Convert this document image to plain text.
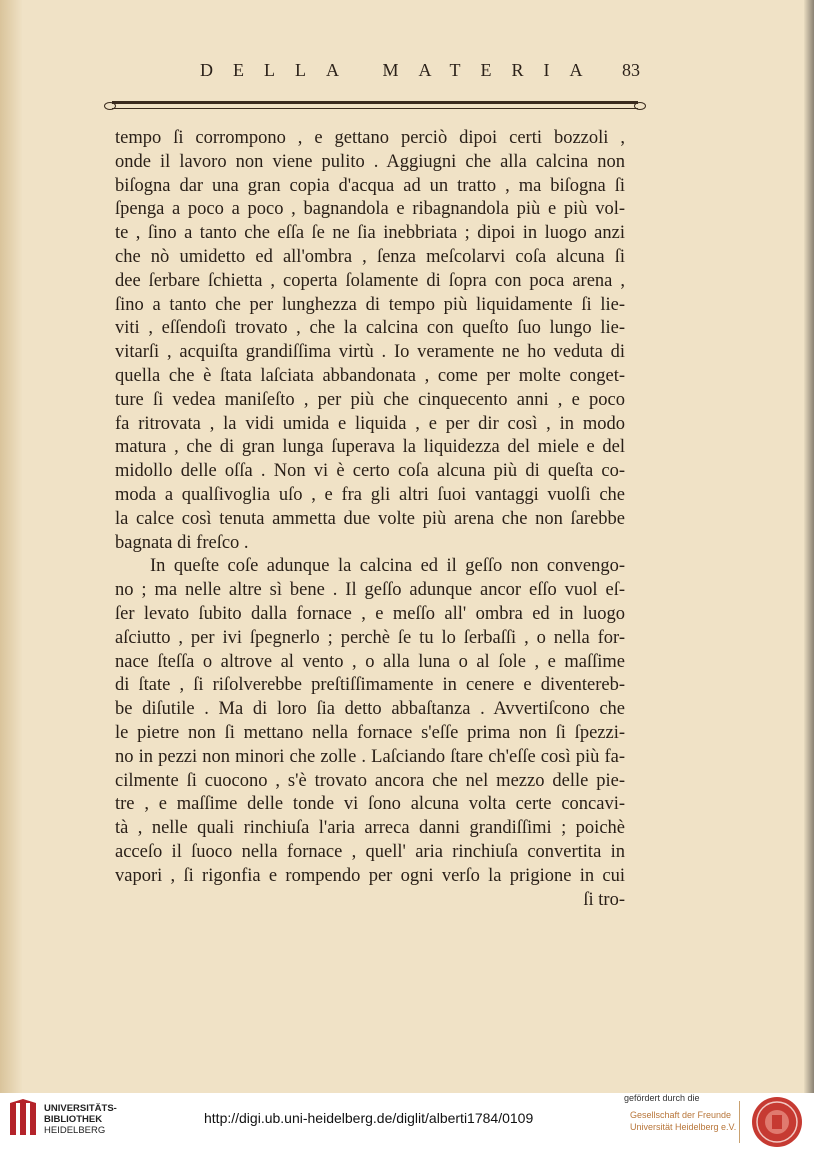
DELLA MATERIA 83
tempo ſi corrompono , e gettano perciò dipoi certi bozzoli ,
onde il lavoro non viene pulito . Aggiugni che alla calcina non
biſogna dar una gran copia d'acqua ad un tratto , ma biſogna ſi
ſpenga a poco a poco , bagnandola e ribagnandola più e più vol-
te , ſino a tanto che eſſa ſe ne ſia inebbriata ; dipoi in luogo anzi
che nò umidetto ed all'ombra , ſenza meſcolarvi coſa alcuna ſi
dee ſerbare ſchietta , coperta ſolamente di ſopra con poca arena ,
ſino a tanto che per lunghezza di tempo più liquidamente ſi lie-
viti , eſſendoſi trovato , che la calcina con queſto ſuo lungo lie-
vitarſi , acquiſta grandiſſima virtù . Io veramente ne ho veduta di
quella che è ſtata laſciata abbandonata , come per molte conget-
ture ſi vedea maniſeſto , per più che cinquecento anni , e poco
fa ritrovata , la vidi umida e liquida , e per dir così , in modo
matura , che di gran lunga ſuperava la liquidezza del miele e del
midollo delle oſſa . Non vi è certo coſa alcuna più di queſta co-
moda a qualſivoglia uſo , e fra gli altri ſuoi vantaggi vuolſi che
la calce così tenuta ammetta due volte più arena che non ſarebbe
bagnata di freſco .
In queſte coſe adunque la calcina ed il geſſo non convengo-
no ; ma nelle altre sì bene . Il geſſo adunque ancor eſſo vuol eſ-
ſer levato ſubito dalla fornace , e meſſo all' ombra ed in luogo
aſciutto , per ivi ſpegnerlo ; perchè ſe tu lo ſerbaſſi , o nella for-
nace ſteſſa o altrove al vento , o alla luna o al ſole , e maſſime
di ſtate , ſi riſolverebbe preſtiſſimamente in cenere e diventereb-
be diſutile . Ma di loro ſia detto abbaſtanza . Avvertiſcono che
le pietre non ſi mettano nella fornace s'eſſe prima non ſi ſpezzi-
no in pezzi non minori che zolle . Laſciando ſtare ch'eſſe così più fa-
cilmente ſi cuocono , s'è trovato ancora che nel mezzo delle pie-
tre , e maſſime delle tonde vi ſono alcuna volta certe concavi-
tà , nelle quali rinchiuſa l'aria arreca danni grandiſſimi ; poichè
acceſo il ſuoco nella fornace , quell' aria rinchiuſa convertita in
vapori , ſi rigonfia e rompendo per ogni verſo la prigione in cui
ſi tro-
UNIVERSITÄTS-
BIBLIOTHEK
HEIDELBERG
http://digi.ub.uni-heidelberg.de/diglit/alberti1784/0109
gefördert durch die
Gesellschaft der Freunde
Universität Heidelberg e.V.
